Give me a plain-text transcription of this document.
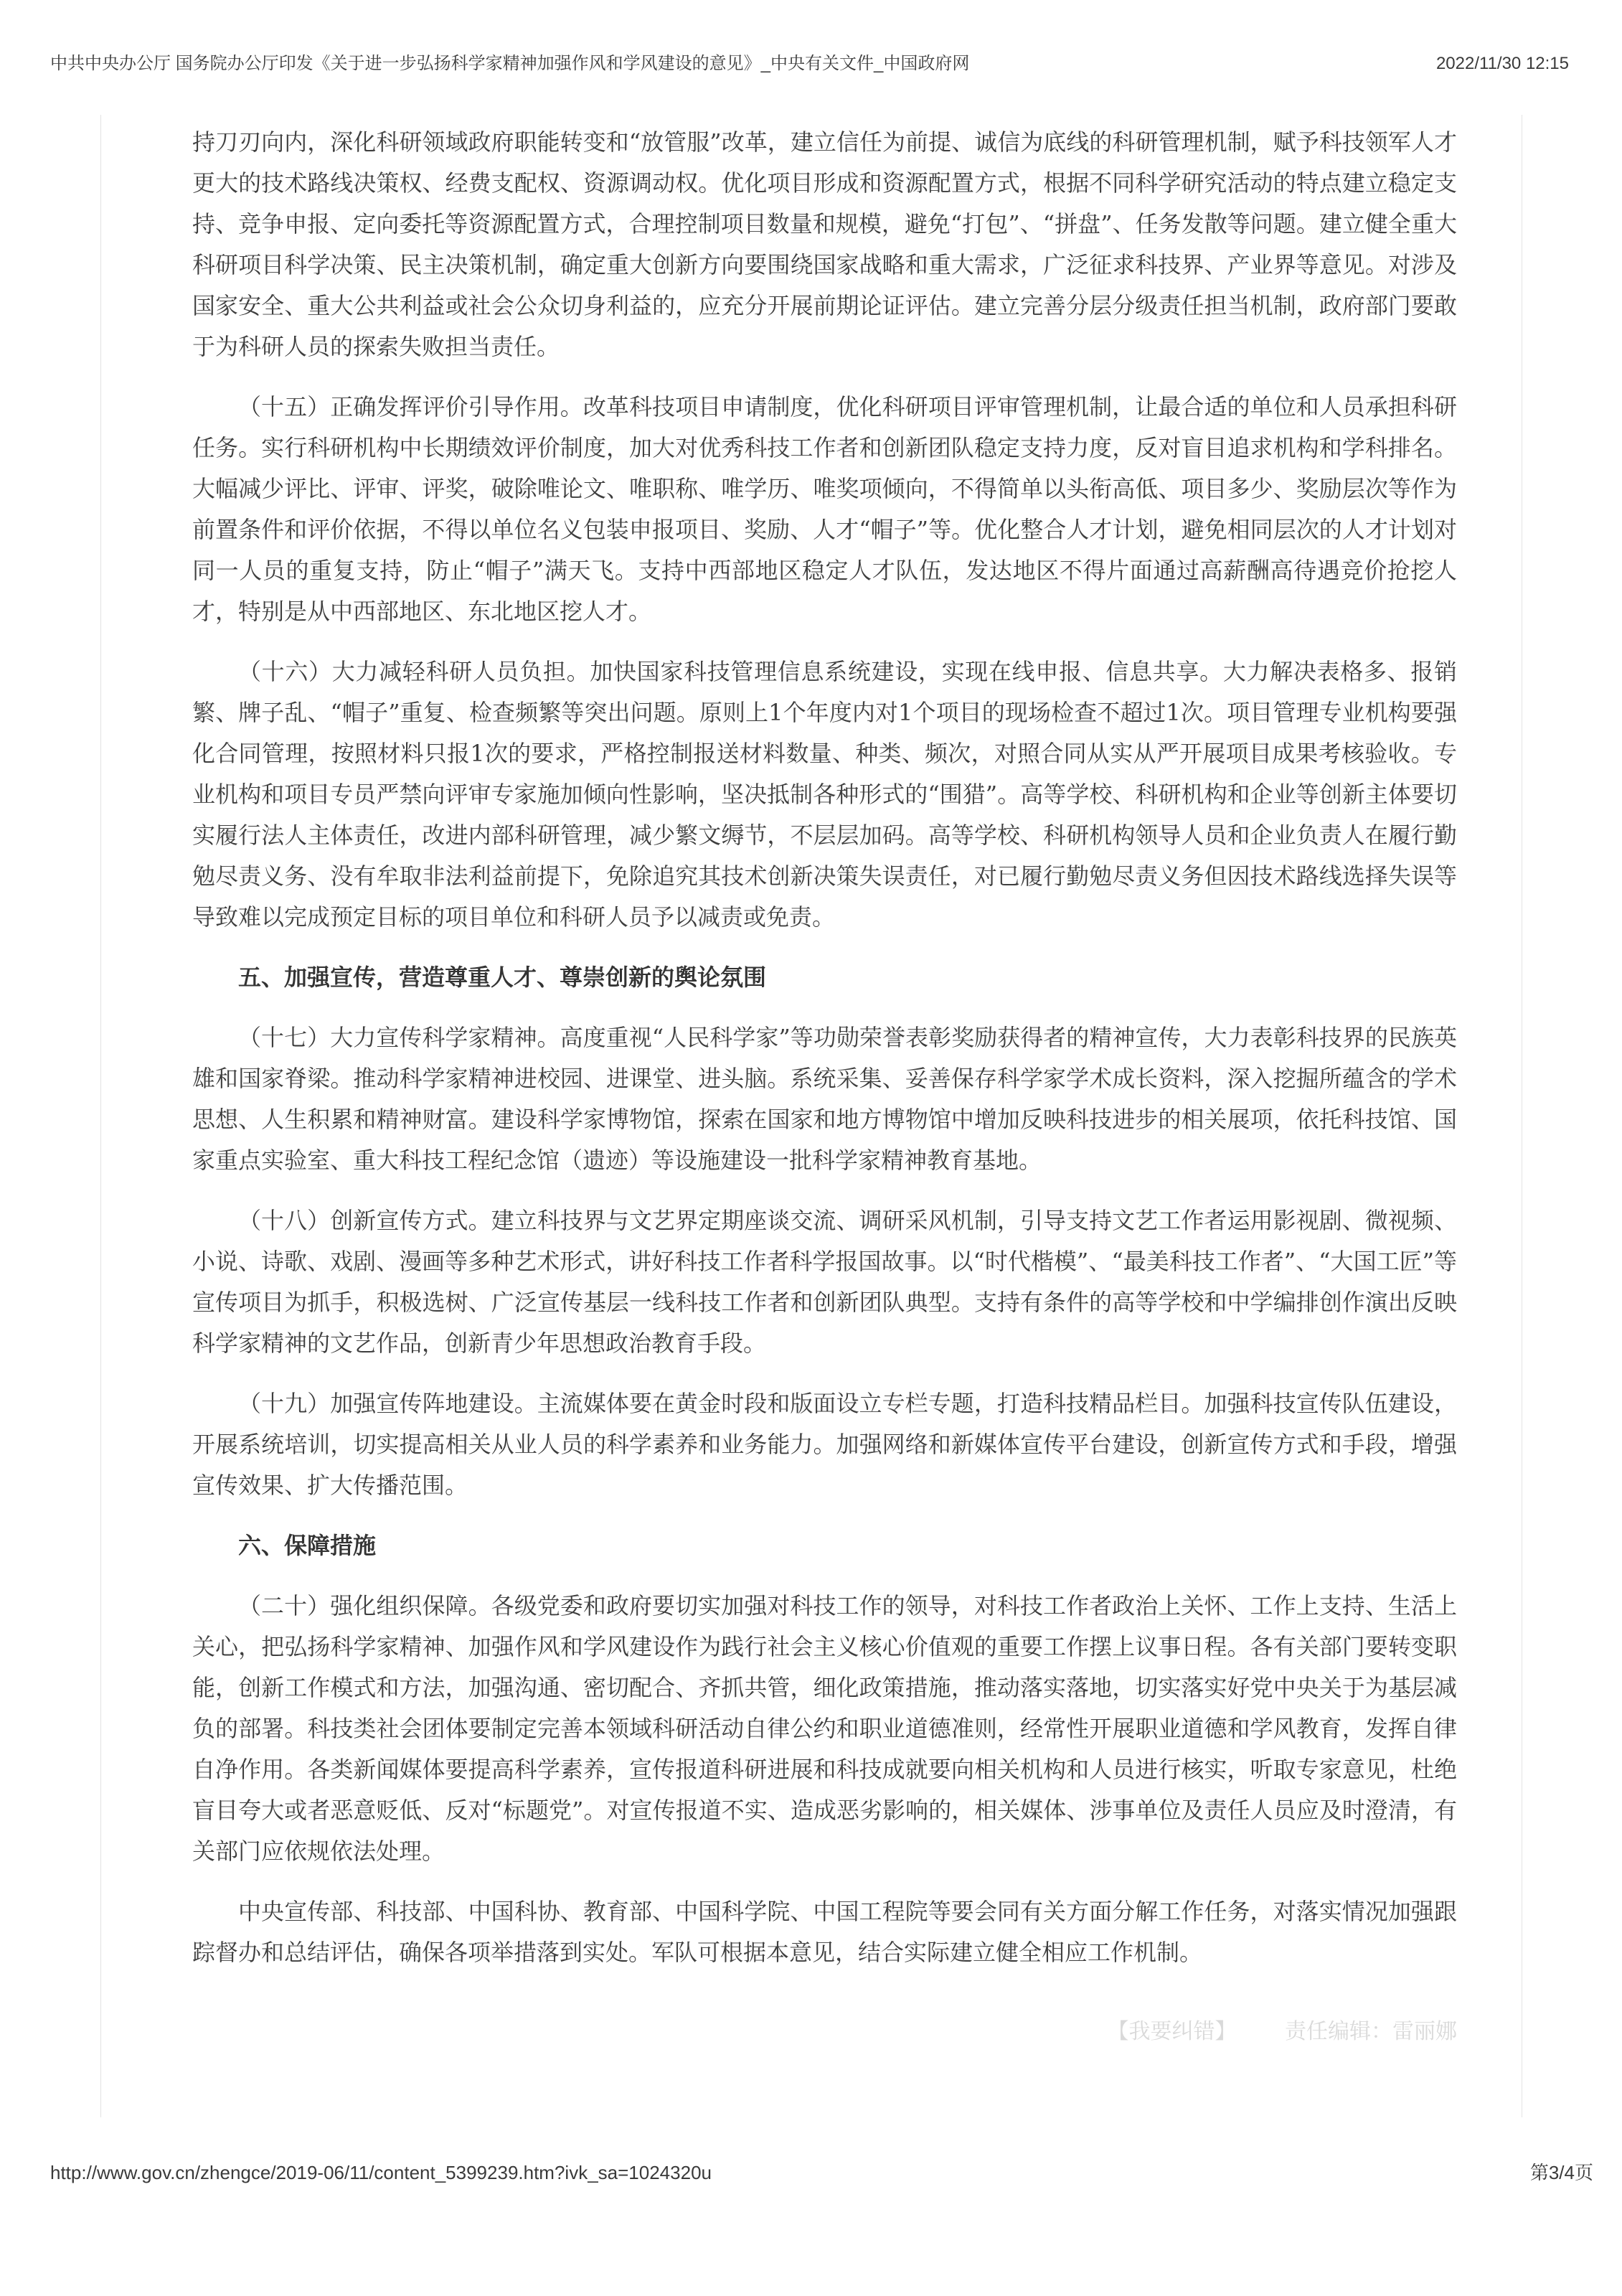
中共中央办公厅 国务院办公厅印发《关于进一步弘扬科学家精神加强作风和学风建设的意见》_中央有关文件_中国政府网	2022/11/30 12:15
持刀刃向内，深化科研领域政府职能转变和“放管服”改革，建立信任为前提、诚信为底线的科研管理机制，赋予科技领军人才更大的技术路线决策权、经费支配权、资源调动权。优化项目形成和资源配置方式，根据不同科学研究活动的特点建立稳定支持、竞争申报、定向委托等资源配置方式，合理控制项目数量和规模，避免“打包”、“拼盘”、任务发散等问题。建立健全重大科研项目科学决策、民主决策机制，确定重大创新方向要围绕国家战略和重大需求，广泛征求科技界、产业界等意见。对涉及国家安全、重大公共利益或社会公众切身利益的，应充分开展前期论证评估。建立完善分层分级责任担当机制，政府部门要敢于为科研人员的探索失败担当责任。
（十五）正确发挥评价引导作用。改革科技项目申请制度，优化科研项目评审管理机制，让最合适的单位和人员承担科研任务。实行科研机构中长期绩效评价制度，加大对优秀科技工作者和创新团队稳定支持力度，反对盲目追求机构和学科排名。大幅减少评比、评审、评奖，破除唯论文、唯职称、唯学历、唯奖项倾向，不得简单以头衔高低、项目多少、奖励层次等作为前置条件和评价依据，不得以单位名义包装申报项目、奖励、人才“帽子”等。优化整合人才计划，避免相同层次的人才计划对同一人员的重复支持，防止“帽子”满天飞。支持中西部地区稳定人才队伍，发达地区不得片面通过高薪酬高待遇竞价抢挖人才，特别是从中西部地区、东北地区挖人才。
（十六）大力减轻科研人员负担。加快国家科技管理信息系统建设，实现在线申报、信息共享。大力解决表格多、报销繁、牌子乱、“帽子”重复、检查频繁等突出问题。原则上1个年度内对1个项目的现场检查不超过1次。项目管理专业机构要强化合同管理，按照材料只报1次的要求，严格控制报送材料数量、种类、频次，对照合同从实从严开展项目成果考核验收。专业机构和项目专员严禁向评审专家施加倾向性影响，坚决抵制各种形式的“围猎”。高等学校、科研机构和企业等创新主体要切实履行法人主体责任，改进内部科研管理，减少繁文缛节，不层层加码。高等学校、科研机构领导人员和企业负责人在履行勤勉尽责义务、没有牟取非法利益前提下，免除追究其技术创新决策失误责任，对已履行勤勉尽责义务但因技术路线选择失误等导致难以完成预定目标的项目单位和科研人员予以减责或免责。
五、加强宣传，营造尊重人才、尊崇创新的舆论氛围
（十七）大力宣传科学家精神。高度重视“人民科学家”等功勋荣誉表彰奖励获得者的精神宣传，大力表彰科技界的民族英雄和国家脊梁。推动科学家精神进校园、进课堂、进头脑。系统采集、妥善保存科学家学术成长资料，深入挖掘所蕴含的学术思想、人生积累和精神财富。建设科学家博物馆，探索在国家和地方博物馆中增加反映科技进步的相关展项，依托科技馆、国家重点实验室、重大科技工程纪念馆（遗迹）等设施建设一批科学家精神教育基地。
（十八）创新宣传方式。建立科技界与文艺界定期座谈交流、调研采风机制，引导支持文艺工作者运用影视剧、微视频、小说、诗歌、戏剧、漫画等多种艺术形式，讲好科技工作者科学报国故事。以“时代楷模”、“最美科技工作者”、“大国工匠”等宣传项目为抓手，积极选树、广泛宣传基层一线科技工作者和创新团队典型。支持有条件的高等学校和中学编排创作演出反映科学家精神的文艺作品，创新青少年思想政治教育手段。
（十九）加强宣传阵地建设。主流媒体要在黄金时段和版面设立专栏专题，打造科技精品栏目。加强科技宣传队伍建设，开展系统培训，切实提高相关从业人员的科学素养和业务能力。加强网络和新媒体宣传平台建设，创新宣传方式和手段，增强宣传效果、扩大传播范围。
六、保障措施
（二十）强化组织保障。各级党委和政府要切实加强对科技工作的领导，对科技工作者政治上关怀、工作上支持、生活上关心，把弘扬科学家精神、加强作风和学风建设作为践行社会主义核心价值观的重要工作摆上议事日程。各有关部门要转变职能，创新工作模式和方法，加强沟通、密切配合、齐抓共管，细化政策措施，推动落实落地，切实落实好党中央关于为基层减负的部署。科技类社会团体要制定完善本领域科研活动自律公约和职业道德准则，经常性开展职业道德和学风教育，发挥自律自净作用。各类新闻媒体要提高科学素养，宣传报道科研进展和科技成就要向相关机构和人员进行核实，听取专家意见，杜绝盲目夸大或者恶意贬低、反对“标题党”。对宣传报道不实、造成恶劣影响的，相关媒体、涉事单位及责任人员应及时澄清，有关部门应依规依法处理。
中央宣传部、科技部、中国科协、教育部、中国科学院、中国工程院等要会同有关方面分解工作任务，对落实情况加强跟踪督办和总结评估，确保各项举措落到实处。军队可根据本意见，结合实际建立健全相应工作机制。
【我要纠错】 责任编辑：雷丽娜
http://www.gov.cn/zhengce/2019-06/11/content_5399239.htm?ivk_sa=1024320u	第3/4页
